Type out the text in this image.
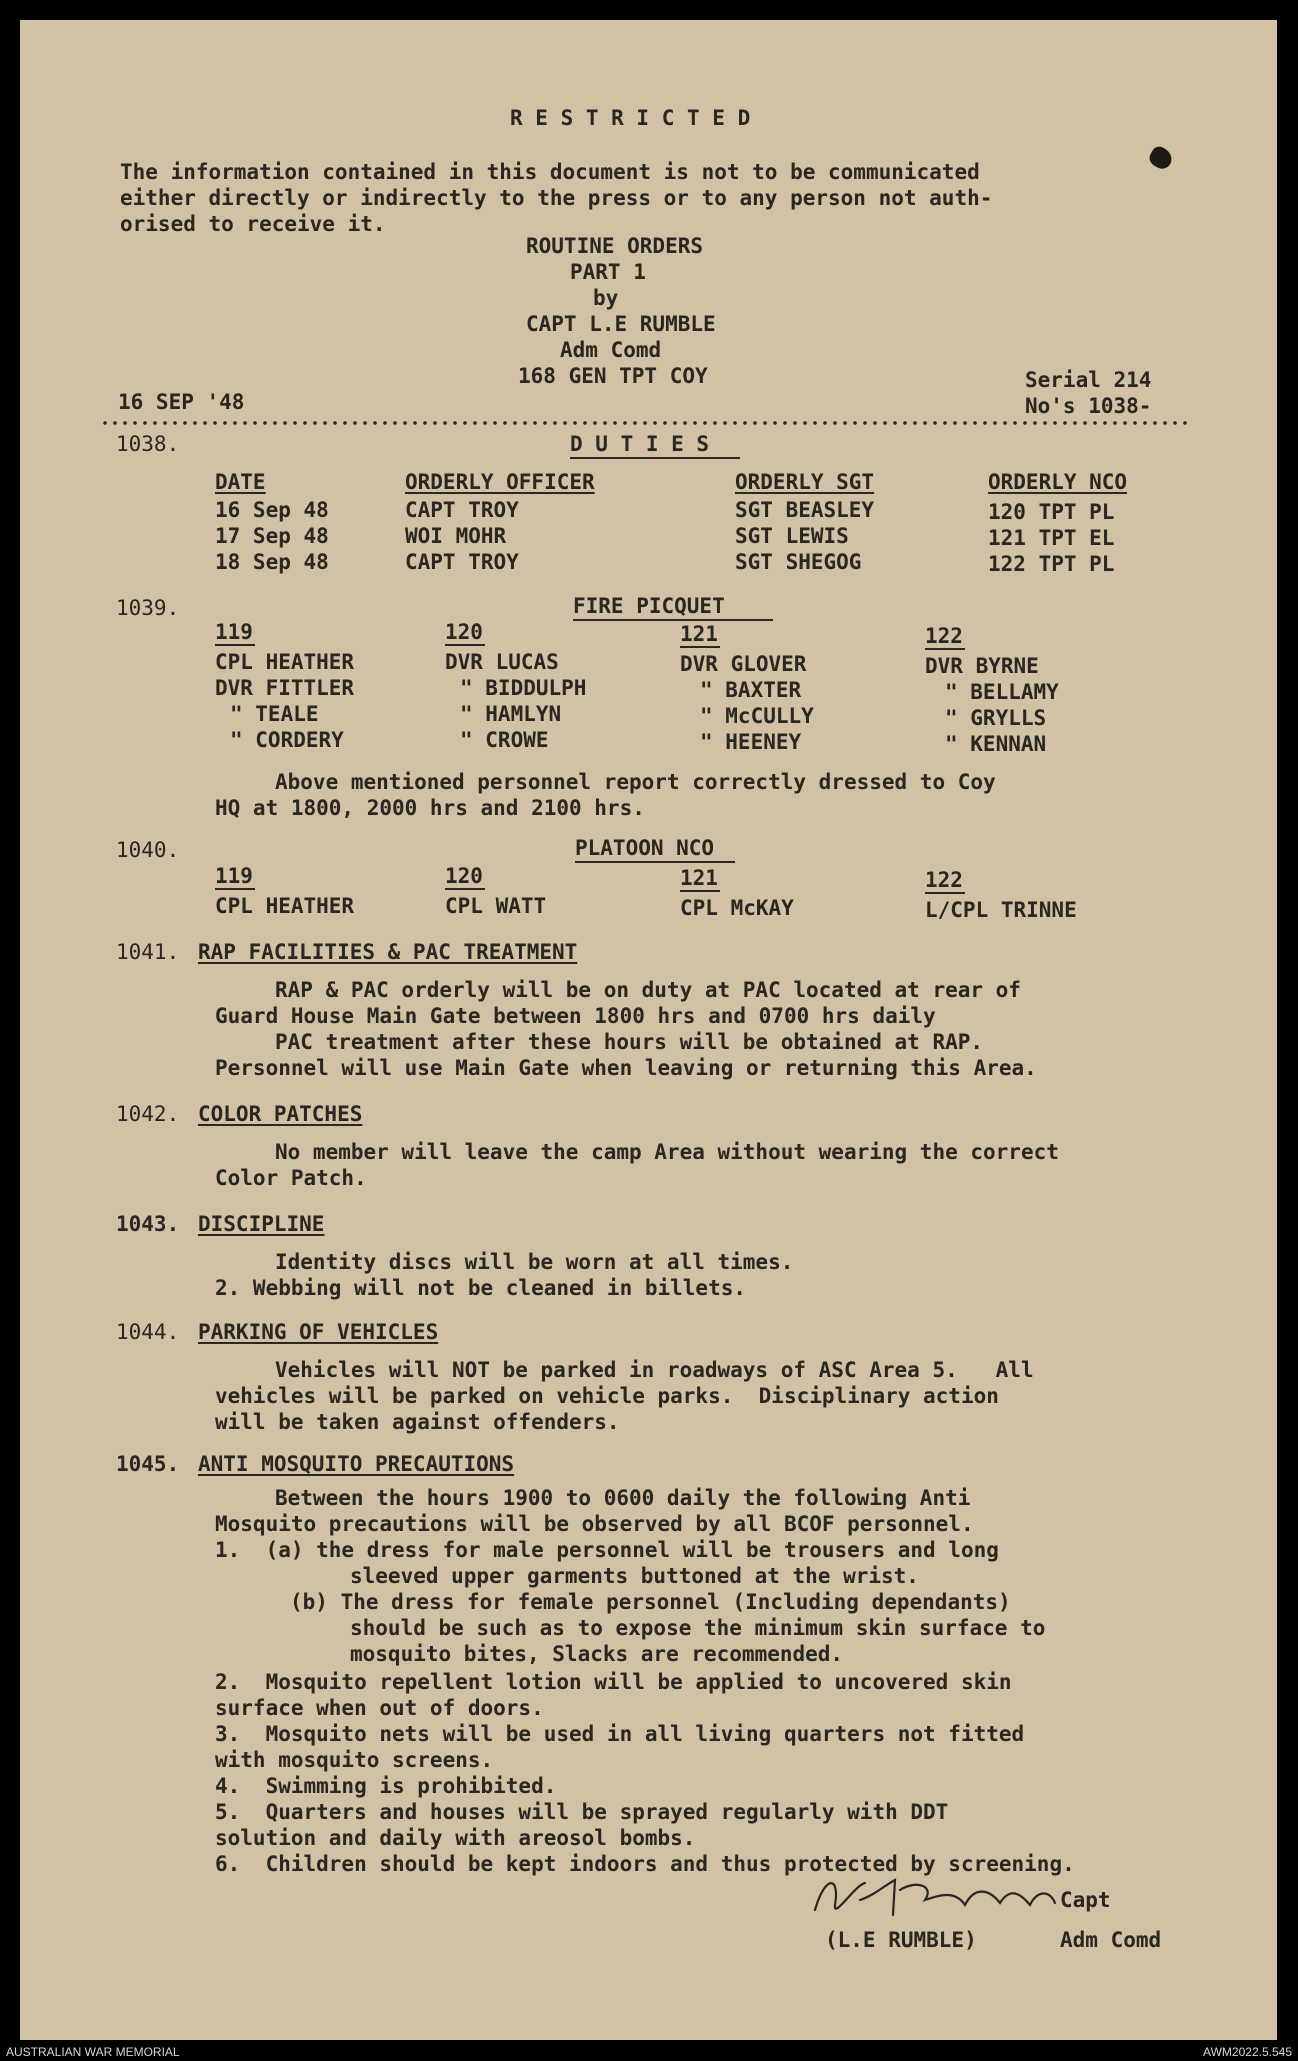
R E S T R I C T E D
The information contained in this document is not to be communicated
either directly or indirectly to the press or to any person not auth-
orised to receive it.
ROUTINE ORDERS
PART 1
by
CAPT L.E RUMBLE
Adm Comd
168 GEN TPT COY
16 SEP '48
Serial 214
No's 1038-
1038.	D U T I E S
DATE	ORDERLY OFFICER	ORDERLY SGT	ORDERLY NCO
16 Sep 48	CAPT TROY	SGT BEASLEY	120 TPT PL
17 Sep 48	WOI MOHR	SGT LEWIS	121 TPT EL
18 Sep 48	CAPT TROY	SGT SHEGOG	122 TPT PL
1039.	FIRE PICQUET
119	120	121	122
CPL HEATHER	DVR LUCAS	DVR GLOVER	DVR BYRNE
DVR FITTLER	" BIDDULPH	" BAXTER	" BELLAMY
" TEALE	" HAMLYN	" McCULLY	" GRYLLS
" CORDERY	" CROWE	" HEENEY	" KENNAN
Above mentioned personnel report correctly dressed to Coy
HQ at 1800, 2000 hrs and 2100 hrs.
1040.	PLATOON NCO
119	120	121	122
CPL HEATHER	CPL WATT	CPL McKAY	L/CPL TRINNE
1041. RAP FACILITIES & PAC TREATMENT
RAP & PAC orderly will be on duty at PAC located at rear of
Guard House Main Gate between 1800 hrs and 0700 hrs daily
PAC treatment after these hours will be obtained at RAP.
Personnel will use Main Gate when leaving or returning this Area.
1042. COLOR PATCHES
No member will leave the camp Area without wearing the correct
Color Patch.
1043. DISCIPLINE
Identity discs will be worn at all times.
2. Webbing will not be cleaned in billets.
1044. PARKING OF VEHICLES
Vehicles will NOT be parked in roadways of ASC Area 5.   All
vehicles will be parked on vehicle parks.  Disciplinary action
will be taken against offenders.
1045. ANTI MOSQUITO PRECAUTIONS
Between the hours 1900 to 0600 daily the following Anti
Mosquito precautions will be observed by all BCOF personnel.
1.  (a) the dress for male personnel will be trousers and long
sleeved upper garments buttoned at the wrist.
(b) The dress for female personnel (Including dependants)
should be such as to expose the minimum skin surface to
mosquito bites, Slacks are recommended.
2.  Mosquito repellent lotion will be applied to uncovered skin
surface when out of doors.
3.  Mosquito nets will be used in all living quarters not fitted
with mosquito screens.
4.  Swimming is prohibited.
5.  Quarters and houses will be sprayed regularly with DDT
solution and daily with areosol bombs.
6.  Children should be kept indoors and thus protected by screening.
Capt
(L.E RUMBLE)	Adm Comd
AUSTRALIAN WAR MEMORIAL	AWM2022.5.545
